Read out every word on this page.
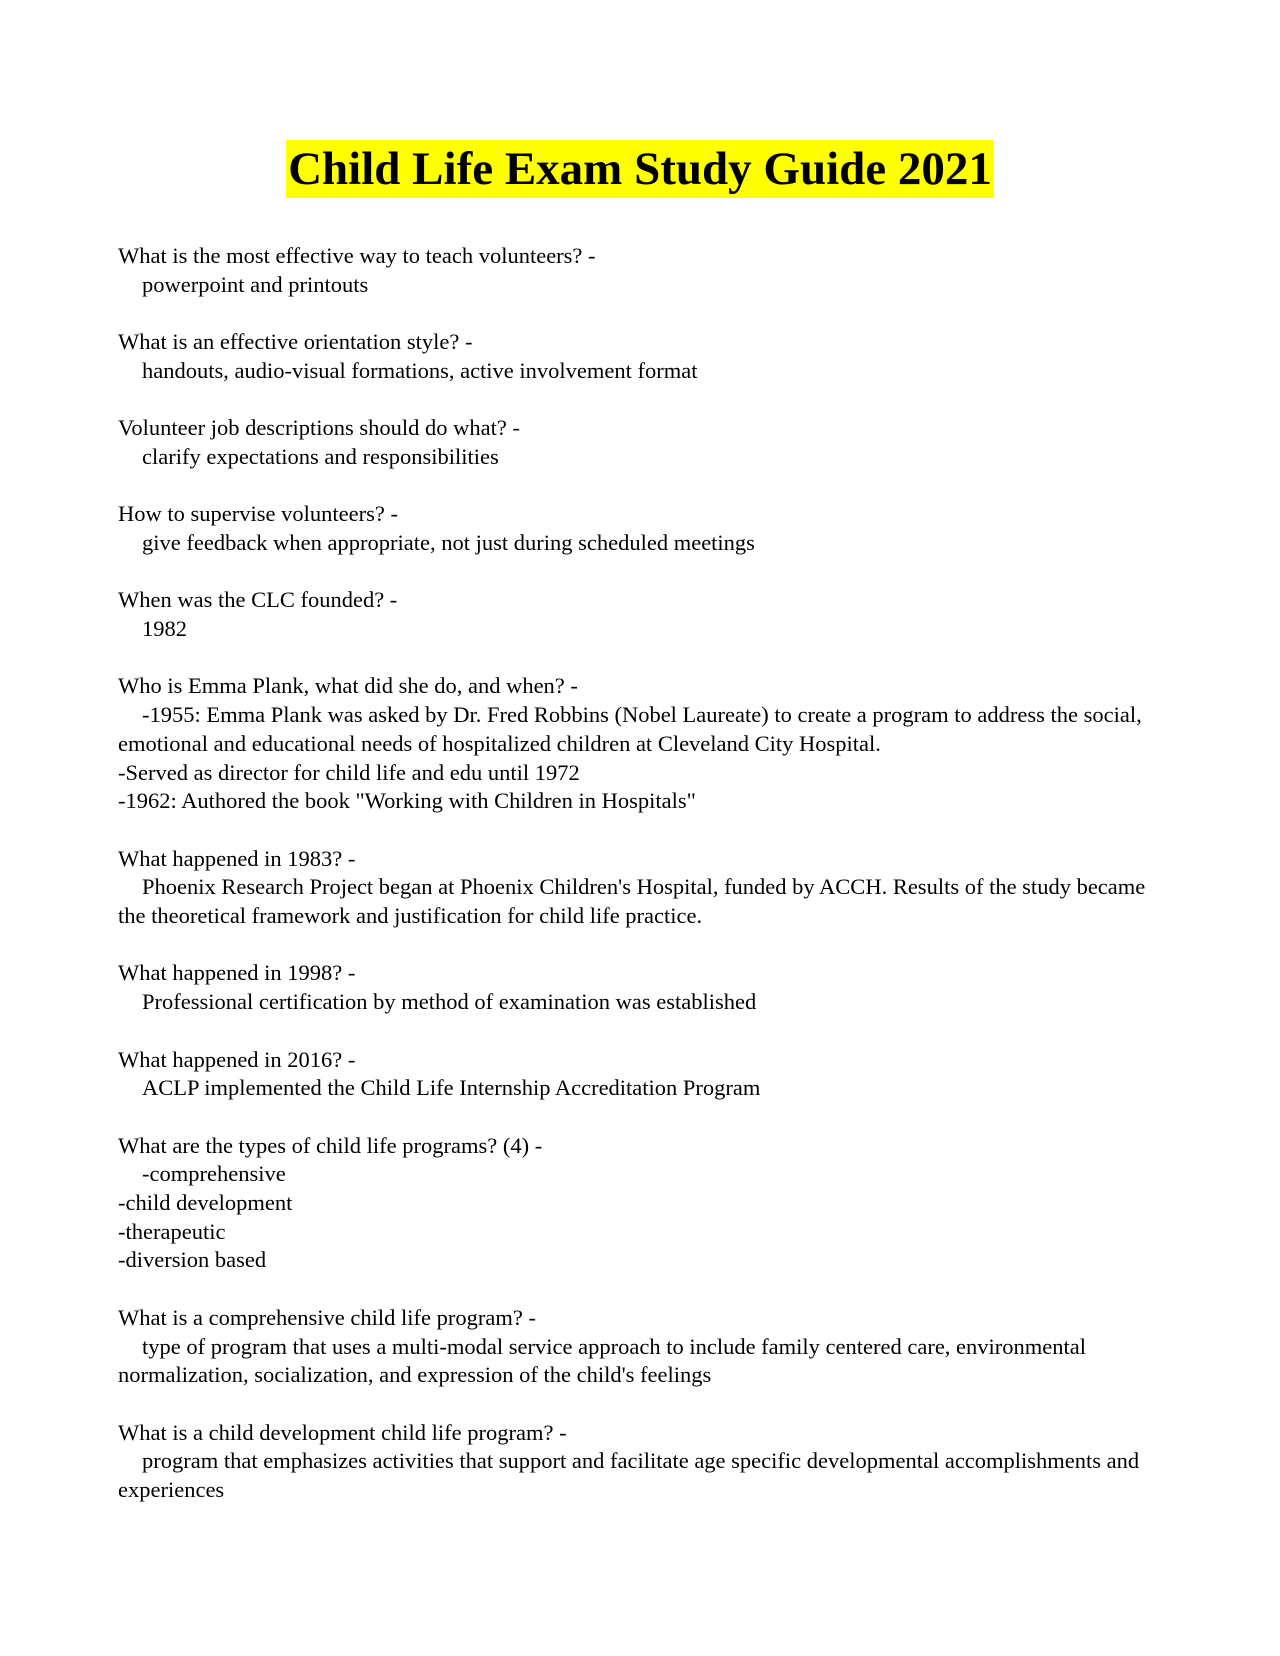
Child Life Exam Study Guide 2021
What is the most effective way to teach volunteers? -
powerpoint and printouts
What is an effective orientation style? -
handouts, audio-visual formations, active involvement format
Volunteer job descriptions should do what? -
clarify expectations and responsibilities
How to supervise volunteers? -
give feedback when appropriate, not just during scheduled meetings
When was the CLC founded? -
1982
Who is Emma Plank, what did she do, and when? -
-1955: Emma Plank was asked by Dr. Fred Robbins (Nobel Laureate) to create a program to address the social, emotional and educational needs of hospitalized children at Cleveland City Hospital.
-Served as director for child life and edu until 1972
-1962: Authored the book "Working with Children in Hospitals"
What happened in 1983? -
Phoenix Research Project began at Phoenix Children's Hospital, funded by ACCH. Results of the study became the theoretical framework and justification for child life practice.
What happened in 1998? -
Professional certification by method of examination was established
What happened in 2016? -
ACLP implemented the Child Life Internship Accreditation Program
What are the types of child life programs? (4) -
-comprehensive
-child development
-therapeutic
-diversion based
What is a comprehensive child life program? -
type of program that uses a multi-modal service approach to include family centered care, environmental normalization, socialization, and expression of the child's feelings
What is a child development child life program? -
program that emphasizes activities that support and facilitate age specific developmental accomplishments and experiences
